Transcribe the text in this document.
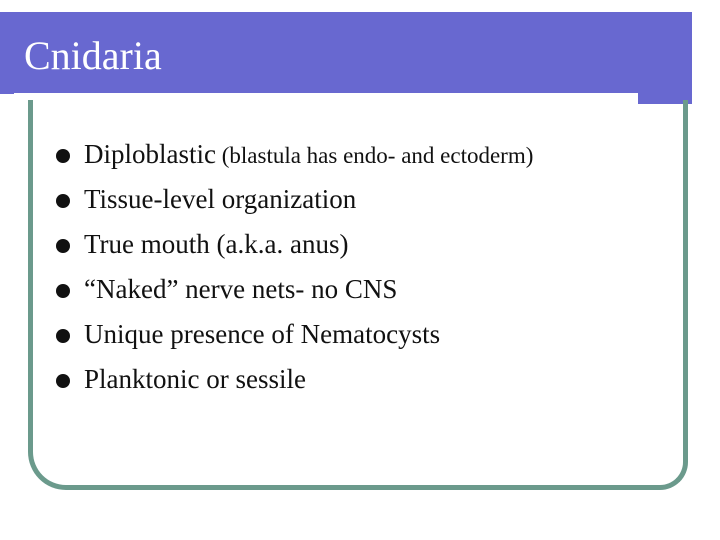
Cnidaria
Diploblastic (blastula has endo- and ectoderm)
Tissue-level organization
True mouth (a.k.a. anus)
“Naked” nerve nets- no CNS
Unique presence of Nematocysts
Planktonic or sessile
